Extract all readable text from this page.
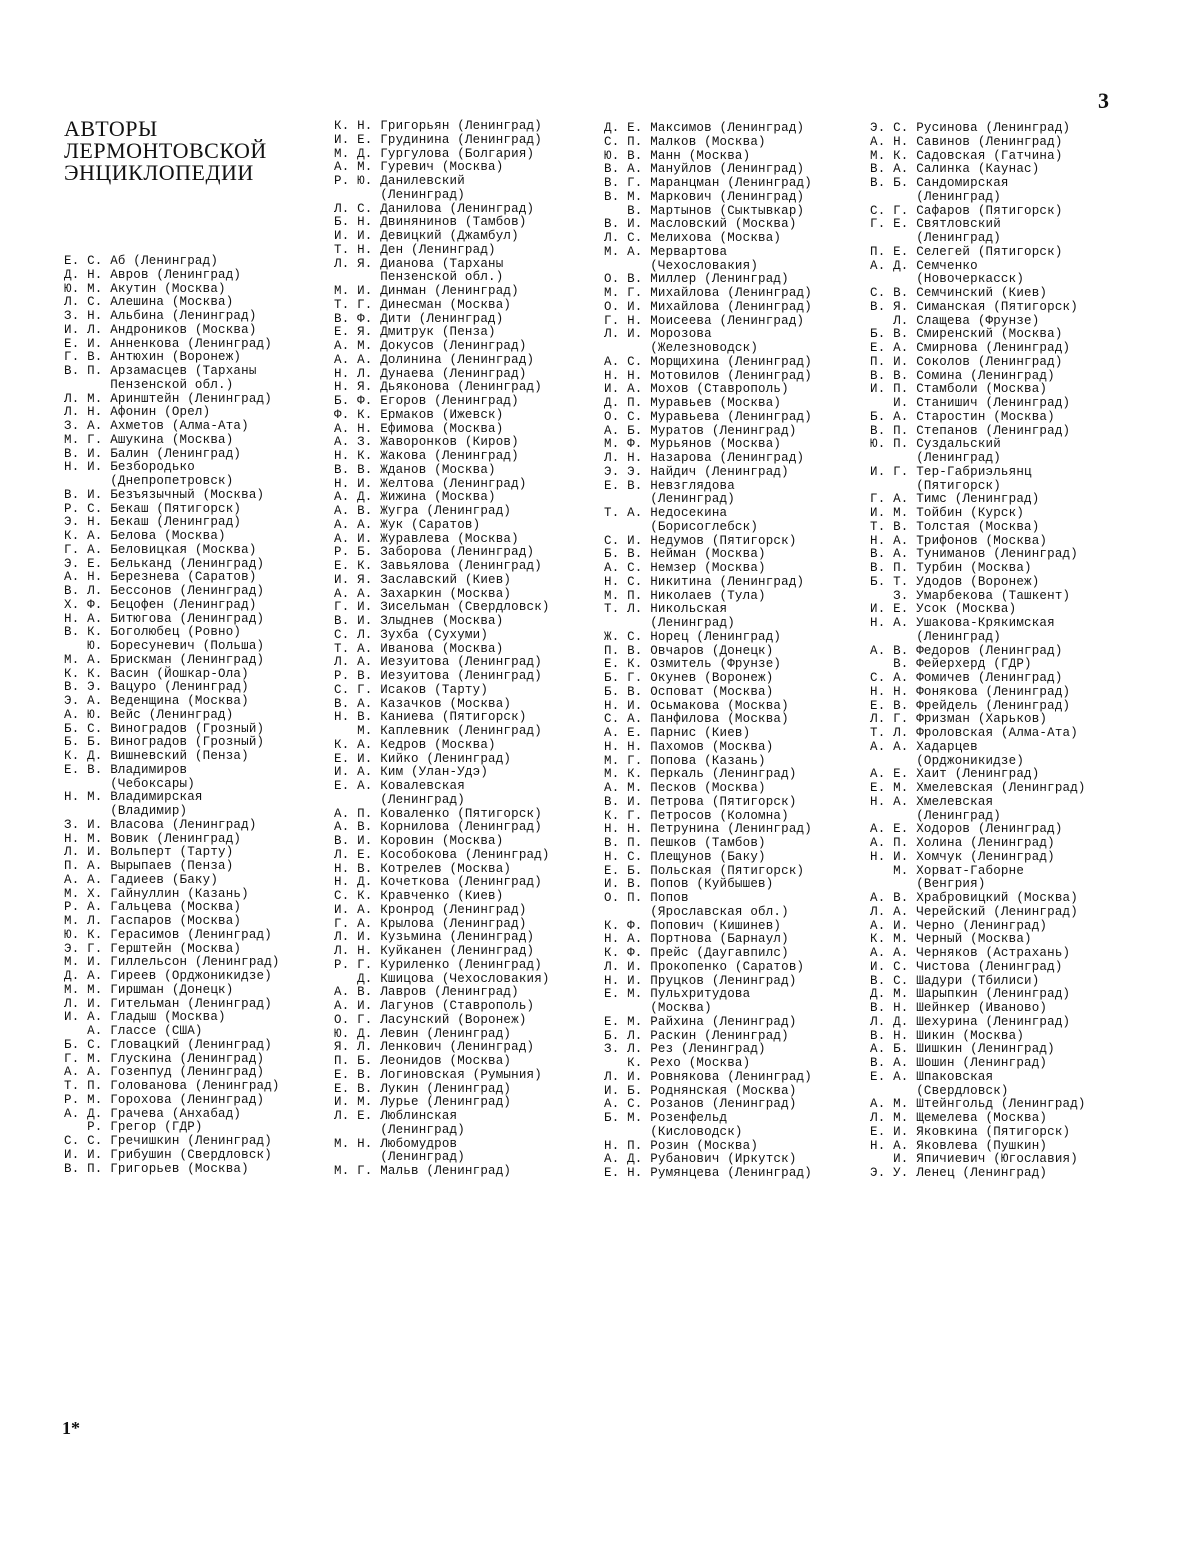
3
АВТОРЫ
ЛЕРМОНТОВСКОЙ
ЭНЦИКЛОПЕДИИ
Е. С. Аб (Ленинград)
Д. Н. Авров (Ленинград)
Ю. М. Акутин (Москва)
Л. С. Алешина (Москва)
З. Н. Альбина (Ленинград)
И. Л. Андроников (Москва)
Е. И. Анненкова (Ленинград)
Г. В. Антюхин (Воронеж)
В. П. Арзамасцев (Тарханы
Пензенской обл.)
Л. М. Аринштейн (Ленинград)
Л. Н. Афонин (Орел)
З. А. Ахметов (Алма-Ата)
М. Г. Ашукина (Москва)
В. И. Балин (Ленинград)
Н. И. Безбородько
(Днепропетровск)
В. И. Безъязычный (Москва)
Р. С. Бекаш (Пятигорск)
Э. Н. Бекаш (Ленинград)
К. А. Белова (Москва)
Г. А. Беловицкая (Москва)
Э. Е. Бельканд (Ленинград)
А. Н. Березнева (Саратов)
В. Л. Бессонов (Ленинград)
Х. Ф. Бецофен (Ленинград)
Н. А. Битюгова (Ленинград)
В. К. Боголюбец (Ровно)
Ю. Боресуневич (Польша)
М. А. Брискман (Ленинград)
К. К. Васин (Йошкар-Ола)
В. Э. Вацуро (Ленинград)
Э. А. Веденщина (Москва)
А. Ю. Вейс (Ленинград)
Б. С. Виноградов (Грозный)
Б. Б. Виноградов (Грозный)
К. Д. Вишневский (Пенза)
Е. В. Владимиров
(Чебоксары)
Н. М. Владимирская
(Владимир)
З. И. Власова (Ленинград)
Н. М. Вовик (Ленинград)
Л. И. Вольперт (Тарту)
П. А. Вырыпаев (Пенза)
А. А. Гадиеев (Баку)
М. Х. Гайнуллин (Казань)
Р. А. Гальцева (Москва)
М. Л. Гаспаров (Москва)
Ю. К. Герасимов (Ленинград)
Э. Г. Герштейн (Москва)
М. И. Гиллельсон (Ленинград)
Д. А. Гиреев (Орджоникидзе)
М. М. Гиршман (Донецк)
Л. И. Гительман (Ленинград)
И. А. Гладыш (Москва)
А. Глассе (США)
Б. С. Гловацкий (Ленинград)
Г. М. Глускина (Ленинград)
А. А. Гозенпуд (Ленинград)
Т. П. Голованова (Ленинград)
Р. М. Горохова (Ленинград)
А. Д. Грачева (Анхабад)
Р. Грегор (ГДР)
С. С. Гречишкин (Ленинград)
И. И. Грибушин (Свердловск)
В. П. Григорьев (Москва)
К. Н. Григорьян (Ленинград)
И. Е. Грудинина (Ленинград)
М. Д. Гургулова (Болгария)
А. М. Гуревич (Москва)
Р. Ю. Данилевский
(Ленинград)
Л. С. Данилова (Ленинград)
Б. Н. Двинянинов (Тамбов)
И. И. Девицкий (Джамбул)
Т. Н. Ден (Ленинград)
Л. Я. Дианова (Тарханы
Пензенской обл.)
М. И. Динман (Ленинград)
Т. Г. Динесман (Москва)
В. Ф. Дити (Ленинград)
Е. Я. Дмитрук (Пенза)
А. М. Докусов (Ленинград)
А. А. Долинина (Ленинград)
Н. Л. Дунаева (Ленинград)
Н. Я. Дьяконова (Ленинград)
Б. Ф. Егоров (Ленинград)
Ф. К. Ермаков (Ижевск)
А. Н. Ефимова (Москва)
А. З. Жаворонков (Киров)
Н. К. Жакова (Ленинград)
В. В. Жданов (Москва)
Н. И. Желтова (Ленинград)
А. Д. Жижина (Москва)
А. В. Жугра (Ленинград)
А. А. Жук (Саратов)
А. И. Журавлева (Москва)
Р. Б. Заборова (Ленинград)
Е. К. Завьялова (Ленинград)
И. Я. Заславский (Киев)
А. А. Захаркин (Москва)
Г. И. Зисельман (Свердловск)
В. И. Злыднев (Москва)
С. Л. Зухба (Сухуми)
Т. А. Иванова (Москва)
Л. А. Иезуитова (Ленинград)
Р. В. Иезуитова (Ленинград)
С. Г. Исаков (Тарту)
В. А. Казачков (Москва)
Н. В. Каниева (Пятигорск)
М. Каплевник (Ленинград)
К. А. Кедров (Москва)
Е. И. Кийко (Ленинград)
И. А. Ким (Улан-Удэ)
Е. А. Ковалевская
(Ленинград)
А. П. Коваленко (Пятигорск)
А. В. Корнилова (Ленинград)
В. И. Коровин (Москва)
Л. Е. Кособокова (Ленинград)
Н. В. Котрелев (Москва)
Н. Д. Кочеткова (Ленинград)
С. К. Кравченко (Киев)
И. А. Кронрод (Ленинград)
Г. А. Крылова (Ленинград)
Л. И. Кузьмина (Ленинград)
Л. Н. Куйканен (Ленинград)
Р. Г. Куриленко (Ленинград)
Д. Кшицова (Чехословакия)
А. В. Лавров (Ленинград)
А. И. Лагунов (Ставрополь)
О. Г. Ласунский (Воронеж)
Ю. Д. Левин (Ленинград)
Я. Л. Ленкович (Ленинград)
П. Б. Леонидов (Москва)
Е. В. Логиновская (Румыния)
Е. В. Лукин (Ленинград)
И. М. Лурье (Ленинград)
Л. Е. Люблинская
(Ленинград)
М. Н. Любомудров
(Ленинград)
М. Г. Мальв (Ленинград)
Д. Е. Максимов (Ленинград)
С. П. Малков (Москва)
Ю. В. Манн (Москва)
В. А. Мануйлов (Ленинград)
В. Г. Маранцман (Ленинград)
В. М. Маркович (Ленинград)
В. Мартынов (Сыктывкар)
В. И. Масловский (Москва)
Л. С. Мелихова (Москва)
М. А. Мервартова
(Чехословакия)
О. В. Миллер (Ленинград)
М. Г. Михайлова (Ленинград)
О. И. Михайлова (Ленинград)
Г. Н. Моисеева (Ленинград)
Л. И. Морозова
(Железноводск)
А. С. Морщихина (Ленинград)
Н. Н. Мотовилов (Ленинград)
И. А. Мохов (Ставрополь)
Д. П. Муравьев (Москва)
О. С. Муравьева (Ленинград)
А. Б. Муратов (Ленинград)
М. Ф. Мурьянов (Москва)
Л. Н. Назарова (Ленинград)
Э. Э. Найдич (Ленинград)
Е. В. Невзглядова
(Ленинград)
Т. А. Недосекина
(Борисоглебск)
С. И. Недумов (Пятигорск)
Б. В. Нейман (Москва)
А. С. Немзер (Москва)
Н. С. Никитина (Ленинград)
М. П. Николаев (Тула)
Т. Л. Никольская
(Ленинград)
Ж. С. Норец (Ленинград)
П. В. Овчаров (Донецк)
Е. К. Озмитель (Фрунзе)
Б. Г. Окунев (Воронеж)
Б. В. Осповат (Москва)
Н. И. Осьмакова (Москва)
С. А. Панфилова (Москва)
А. Е. Парнис (Киев)
Н. Н. Пахомов (Москва)
М. Г. Попова (Казань)
М. К. Перкаль (Ленинград)
А. М. Песков (Москва)
В. И. Петрова (Пятигорск)
К. Г. Петросов (Коломна)
Н. Н. Петрунина (Ленинград)
В. П. Пешков (Тамбов)
Н. С. Плещунов (Баку)
Е. Б. Польская (Пятигорск)
И. В. Попов (Куйбышев)
О. П. Попов
(Ярославская обл.)
К. Ф. Попович (Кишинев)
Н. А. Портнова (Барнаул)
К. Ф. Прейс (Даугавпилс)
Л. И. Прокопенко (Саратов)
Н. И. Пруцков (Ленинград)
Е. М. Пульхритудова
(Москва)
Е. М. Райхина (Ленинград)
Б. Л. Раскин (Ленинград)
З. Л. Рез (Ленинград)
К. Рехо (Москва)
Л. И. Ровнякова (Ленинград)
И. Б. Роднянская (Москва)
А. С. Розанов (Ленинград)
Б. М. Розенфельд
(Кисловодск)
Н. П. Розин (Москва)
А. Д. Рубанович (Иркутск)
Е. Н. Румянцева (Ленинград)
Э. С. Русинова (Ленинград)
А. Н. Савинов (Ленинград)
М. К. Садовская (Гатчина)
В. А. Салинка (Каунас)
В. Б. Сандомирская
(Ленинград)
С. Г. Сафаров (Пятигорск)
Г. Е. Святловский
(Ленинград)
П. Е. Селегей (Пятигорск)
А. Д. Семченко
(Новочеркасск)
С. В. Семчинский (Киев)
В. Я. Симанская (Пятигорск)
Л. Слащева (Фрунзе)
Б. В. Смиренский (Москва)
Е. А. Смирнова (Ленинград)
П. И. Соколов (Ленинград)
В. В. Сомина (Ленинград)
И. П. Стамболи (Москва)
И. Станишич (Ленинград)
Б. А. Старостин (Москва)
В. П. Степанов (Ленинград)
Ю. П. Суздальский
(Ленинград)
И. Г. Тер-Габриэльянц
(Пятигорск)
Г. А. Тимс (Ленинград)
И. М. Тойбин (Курск)
Т. В. Толстая (Москва)
Н. А. Трифонов (Москва)
В. А. Туниманов (Ленинград)
В. П. Турбин (Москва)
Б. Т. Удодов (Воронеж)
З. Умарбекова (Ташкент)
И. Е. Усок (Москва)
Н. А. Ушакова-Крякимская
(Ленинград)
А. В. Федоров (Ленинград)
В. Фейерхерд (ГДР)
С. А. Фомичев (Ленинград)
Н. Н. Фонякова (Ленинград)
Е. В. Фрейдель (Ленинград)
Л. Г. Фризман (Харьков)
Т. Л. Фроловская (Алма-Ата)
А. А. Хадарцев
(Орджоникидзе)
А. Е. Хаит (Ленинград)
Е. М. Хмелевская (Ленинград)
Н. А. Хмелевская
(Ленинград)
А. Е. Ходоров (Ленинград)
А. П. Холина (Ленинград)
Н. И. Хомчук (Ленинград)
М. Хорват-Габорне
(Венгрия)
А. В. Храбровицкий (Москва)
Л. А. Черейский (Ленинград)
А. И. Черно (Ленинград)
К. М. Черный (Москва)
А. А. Черняков (Астрахань)
И. С. Чистова (Ленинград)
В. С. Шадури (Тбилиси)
Д. М. Шарыпкин (Ленинград)
В. Н. Шейнкер (Иваново)
Л. Д. Шехурина (Ленинград)
В. Н. Шикин (Москва)
А. Б. Шишкин (Ленинград)
В. А. Шошин (Ленинград)
Е. А. Шпаковская
(Свердловск)
А. М. Штейнгольд (Ленинград)
Л. М. Щемелева (Москва)
Е. И. Яковкина (Пятигорск)
Н. А. Яковлева (Пушкин)
И. Япичиевич (Югославия)
Э. У. Ленец (Ленинград)
1*
